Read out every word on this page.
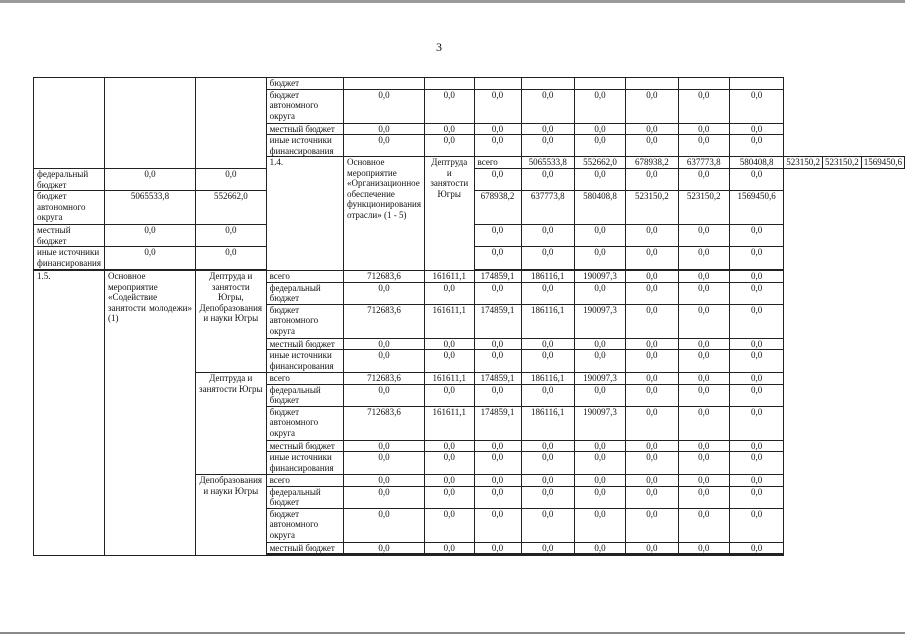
3
			бюджет											
			бюджет автономного округа	0,0	0,0	0,0	0,0	0,0	0,0	0,0	0,0			
			местный бюджет	0,0	0,0	0,0	0,0	0,0	0,0	0,0	0,0			
			иные источники финансирования	0,0	0,0	0,0	0,0	0,0	0,0	0,0	0,0			
			1.4.	Основное мероприятие «Организационное обеспечение функционирования отрасли» (1 - 5)	Дептруда и занятости Югры	всего	5065533,8	552662,0	678938,2	637773,8	580408,8	523150,2	523150,2	1569450,6
федеральный бюджет	0,0	0,0				0,0	0,0	0,0	0,0	0,0	0,0			
бюджет автономного округа	5065533,8	552662,0				678938,2	637773,8	580408,8	523150,2	523150,2	1569450,6			
местный бюджет	0,0	0,0				0,0	0,0	0,0	0,0	0,0	0,0			
иные источники финансирования	0,0	0,0				0,0	0,0	0,0	0,0	0,0	0,0			

1.5.	Основное мероприятие «Содействие занятости молодежи» (1)	Дептруда и занятости Югры, Депобразования и науки Югры	всего	712683,6	161611,1	174859,1	186116,1	190097,3	0,0	0,0	0,0			
			федеральный бюджет	0,0	0,0	0,0	0,0	0,0	0,0	0,0	0,0			
			бюджет автономного округа	712683,6	161611,1	174859,1	186116,1	190097,3	0,0	0,0	0,0			
			местный бюджет	0,0	0,0	0,0	0,0	0,0	0,0	0,0	0,0			
			иные источники финансирования	0,0	0,0	0,0	0,0	0,0	0,0	0,0	0,0			
		Дептруда и занятости Югры	всего	712683,6	161611,1	174859,1	186116,1	190097,3	0,0	0,0	0,0			
			федеральный бюджет	0,0	0,0	0,0	0,0	0,0	0,0	0,0	0,0			
			бюджет автономного округа	712683,6	161611,1	174859,1	186116,1	190097,3	0,0	0,0	0,0			
			местный бюджет	0,0	0,0	0,0	0,0	0,0	0,0	0,0	0,0			
			иные источники финансирования	0,0	0,0	0,0	0,0	0,0	0,0	0,0	0,0			
		Депобразования и науки Югры	всего	0,0	0,0	0,0	0,0	0,0	0,0	0,0	0,0			
			федеральный бюджет	0,0	0,0	0,0	0,0	0,0	0,0	0,0	0,0			
			бюджет автономного округа	0,0	0,0	0,0	0,0	0,0	0,0	0,0	0,0			
			местный бюджет	0,0	0,0	0,0	0,0	0,0	0,0	0,0	0,0			
